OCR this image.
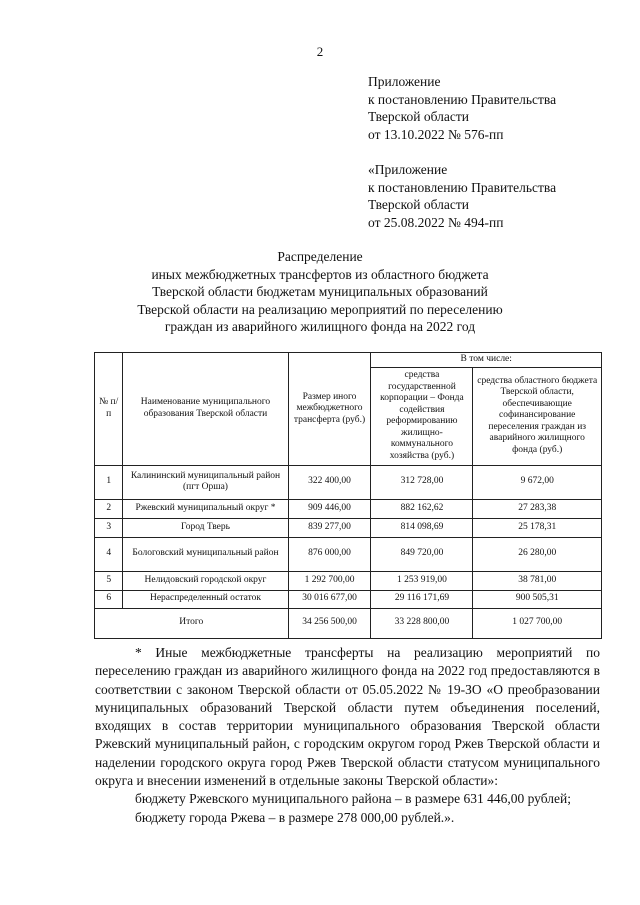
2
Приложение
к постановлению Правительства
Тверской области
от 13.10.2022 № 576-пп
«Приложение
к постановлению Правительства
Тверской области
от 25.08.2022 № 494-пп
Распределение
иных межбюджетных трансфертов из областного бюджета
Тверской области бюджетам муниципальных образований
Тверской области на реализацию мероприятий по переселению
граждан из аварийного жилищного фонда на 2022 год
№ п/п	Наименование муниципального образования Тверской области	Размер иного межбюджетного трансферта (руб.)	В том числе:	
			средства государственной корпорации – Фонда содействия реформированию жилищно-коммунального хозяйства (руб.)	средства областного бюджета Тверской области, обеспечивающие софинансирование переселения граждан из аварийного жилищного фонда (руб.)
1	Калининский муниципальный район (пгт Орша)	322 400,00	312 728,00	9 672,00
2	Ржевский муниципальный округ *	909 446,00	882 162,62	27 283,38
3	Город Тверь	839 277,00	814 098,69	25 178,31
4	Бологовский муниципальный район	876 000,00	849 720,00	26 280,00
5	Нелидовский городской округ	1 292 700,00	1 253 919,00	38 781,00
6	Нераспределенный остаток	30 016 677,00	29 116 171,69	900 505,31
Итого		34 256 500,00	33 228 800,00	1 027 700,00

* Иные межбюджетные трансферты на реализацию мероприятий по переселению граждан из аварийного жилищного фонда на 2022 год предоставляются в соответствии с законом Тверской области от 05.05.2022 № 19-ЗО «О преобразовании муниципальных образований Тверской области путем объединения поселений, входящих в состав территории муниципального образования Тверской области Ржевский муниципальный район, с городским округом город Ржев Тверской области и наделении городского округа город Ржев Тверской области статусом муниципального округа и внесении изменений в отдельные законы Тверской области»:

бюджету Ржевского муниципального района – в размере 631 446,00 рублей;

бюджету города Ржева – в размере 278 000,00 рублей.».
